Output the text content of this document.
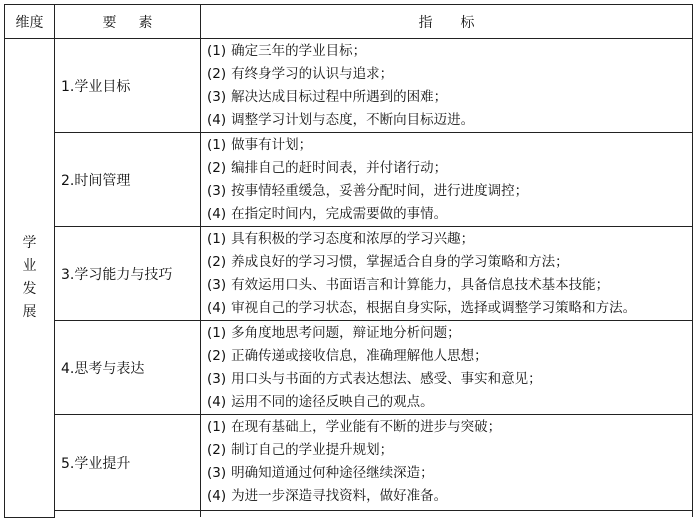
维度	要素	指标
学业发展	1.学业目标	(1) 确定三年的学业目标；
(2) 有终身学习的认识与追求；
(3) 解决达成目标过程中所遇到的困难；
(4) 调整学习计划与态度，不断向目标迈进。

	2.时间管理	(1) 做事有计划；
(2) 编排自己的赶时间表，并付诸行动；
(3) 按事情轻重缓急，妥善分配时间，进行进度调控；
(4) 在指定时间内，完成需要做的事情。

	3.学习能力与技巧	(1) 具有积极的学习态度和浓厚的学习兴趣；
(2) 养成良好的学习习惯，掌握适合自身的学习策略和方法；
(3) 有效运用口头、书面语言和计算能力，具备信息技术基本技能；
(4) 审视自己的学习状态，根据自身实际，选择或调整学习策略和方法。

	4.思考与表达	(1) 多角度地思考问题，辩证地分析问题；
(2) 正确传递或接收信息，准确理解他人思想；
(3) 用口头与书面的方式表达想法、感受、事实和意见；
(4) 运用不同的途径反映自己的观点。

	5.学业提升	(1) 在现有基础上，学业能有不断的进步与突破；
(2) 制订自己的学业提升规划；
(3) 明确知道通过何种途径继续深造；
(4) 为进一步深造寻找资料，做好准备。
